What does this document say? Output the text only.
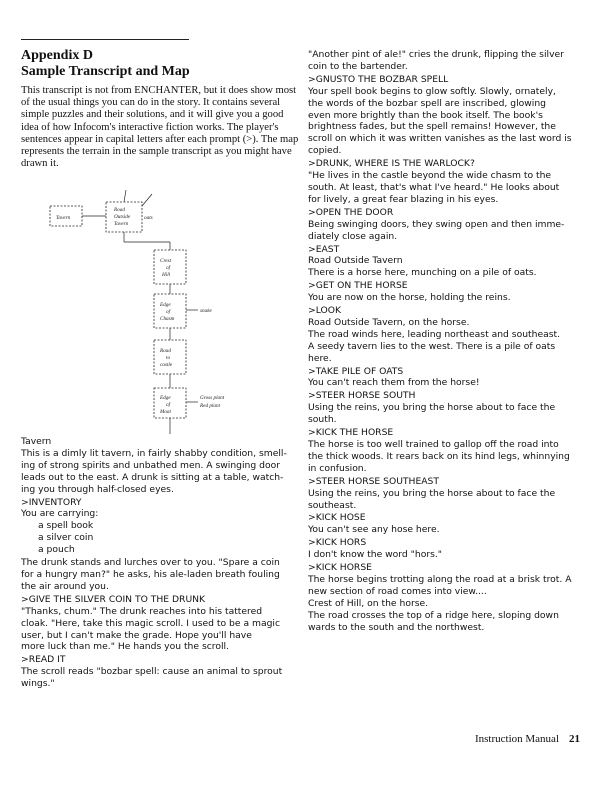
Appendix D
Sample Transcript and Map
This transcript is not from ENCHANTER, but it does show most of the usual things you can do in the story. It contains several simple puzzles and their solutions, and it will give you a good idea of how Infocom's interactive fiction works. The player's sentences appear in capital letters after each prompt (>). The map represents the terrain in the sample transcript as you might have drawn it.
Tavern
Road
Outside
Tavern
oats
Crest
of
Hill
Edge
of
Chasm
snake
Road
to
castle
Edge
of
Moat
Gross plant
Red plant

Tavern

This is a dimly lit tavern, in fairly shabby condition, smell-

ing of strong spirits and unbathed men. A swinging door

leads out to the east. A drunk is sitting at a table, watch-

ing you through half-closed eyes.

>INVENTORY

You are carrying:

a spell book

a silver coin

a pouch

The drunk stands and lurches over to you. "Spare a coin

for a hungry man?" he asks, his ale-laden breath fouling

the air around you.

>GIVE THE SILVER COIN TO THE DRUNK

"Thanks, chum." The drunk reaches into his tattered

cloak. "Here, take this magic scroll. I used to be a magic

user, but I can't make the grade. Hope you'll have

more luck than me." He hands you the scroll.

>READ IT

The scroll reads "bozbar spell: cause an animal to sprout

wings."

"Another pint of ale!" cries the drunk, flipping the silver

coin to the bartender.

>GNUSTO THE BOZBAR SPELL

Your spell book begins to glow softly. Slowly, ornately,

the words of the bozbar spell are inscribed, glowing

even more brightly than the book itself. The book's

brightness fades, but the spell remains! However, the

scroll on which it was written vanishes as the last word is

copied.

>DRUNK, WHERE IS THE WARLOCK?

"He lives in the castle beyond the wide chasm to the

south. At least, that's what I've heard." He looks about

for lively, a great fear blazing in his eyes.

>OPEN THE DOOR

Being swinging doors, they swing open and then imme-

diately close again.

>EAST

Road Outside Tavern

There is a horse here, munching on a pile of oats.

>GET ON THE HORSE

You are now on the horse, holding the reins.

>LOOK

Road Outside Tavern, on the horse.

The road winds here, leading northeast and southeast.

A seedy tavern lies to the west. There is a pile of oats

here.

>TAKE PILE OF OATS

You can't reach them from the horse!

>STEER HORSE SOUTH

Using the reins, you bring the horse about to face the

south.

>KICK THE HORSE

The horse is too well trained to gallop off the road into

the thick woods. It rears back on its hind legs, whinnying

in confusion.

>STEER HORSE SOUTHEAST

Using the reins, you bring the horse about to face the

southeast.

>KICK HOSE

You can't see any hose here.

>KICK HORS

I don't know the word "hors."

>KICK HORSE

The horse begins trotting along the road at a brisk trot. A

new section of road comes into view....

Crest of Hill, on the horse.

The road crosses the top of a ridge here, sloping down

wards to the south and the northwest.

Instruction Manual 21
